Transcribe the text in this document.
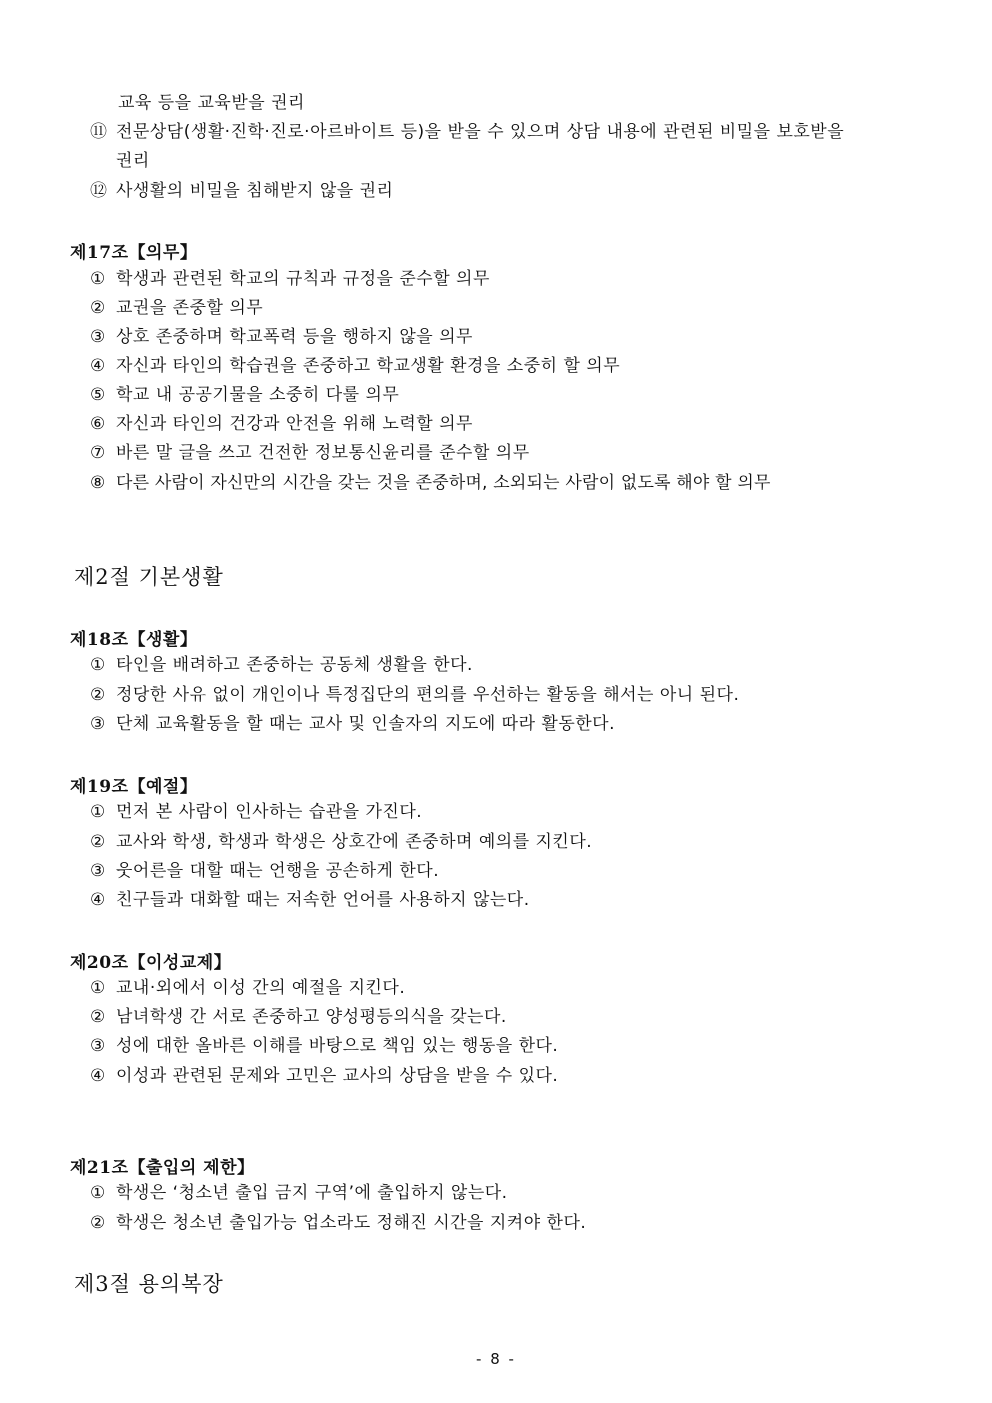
교육 등을 교육받을 권리
⑪ 전문상담(생활·진학·진로·아르바이트 등)을 받을 수 있으며 상담 내용에 관련된 비밀을 보호받을
권리
⑫ 사생활의 비밀을 침해받지 않을 권리
제17조【의무】
① 학생과 관련된 학교의 규칙과 규정을 준수할 의무
② 교권을 존중할 의무
③ 상호 존중하며 학교폭력 등을 행하지 않을 의무
④ 자신과 타인의 학습권을 존중하고 학교생활 환경을 소중히 할 의무
⑤ 학교 내 공공기물을 소중히 다룰 의무
⑥ 자신과 타인의 건강과 안전을 위해 노력할 의무
⑦ 바른 말 글을 쓰고 건전한 정보통신윤리를 준수할 의무
⑧ 다른 사람이 자신만의 시간을 갖는 것을 존중하며, 소외되는 사람이 없도록 해야 할 의무
제2절 기본생활
제18조【생활】
① 타인을 배려하고 존중하는 공동체 생활을 한다.
② 정당한 사유 없이 개인이나 특정집단의 편의를 우선하는 활동을 해서는 아니 된다.
③ 단체 교육활동을 할 때는 교사 및 인솔자의 지도에 따라 활동한다.
제19조【예절】
① 먼저 본 사람이 인사하는 습관을 가진다.
② 교사와 학생, 학생과 학생은 상호간에 존중하며 예의를 지킨다.
③ 웃어른을 대할 때는 언행을 공손하게 한다.
④ 친구들과 대화할 때는 저속한 언어를 사용하지 않는다.
제20조【이성교제】
① 교내·외에서 이성 간의 예절을 지킨다.
② 남녀학생 간 서로 존중하고 양성평등의식을 갖는다.
③ 성에 대한 올바른 이해를 바탕으로 책임 있는 행동을 한다.
④ 이성과 관련된 문제와 고민은 교사의 상담을 받을 수 있다.
제21조【출입의 제한】
① 학생은 ‘청소년 출입 금지 구역’에 출입하지 않는다.
② 학생은 청소년 출입가능 업소라도 정해진 시간을 지켜야 한다.
제3절 용의복장
- 8 -
